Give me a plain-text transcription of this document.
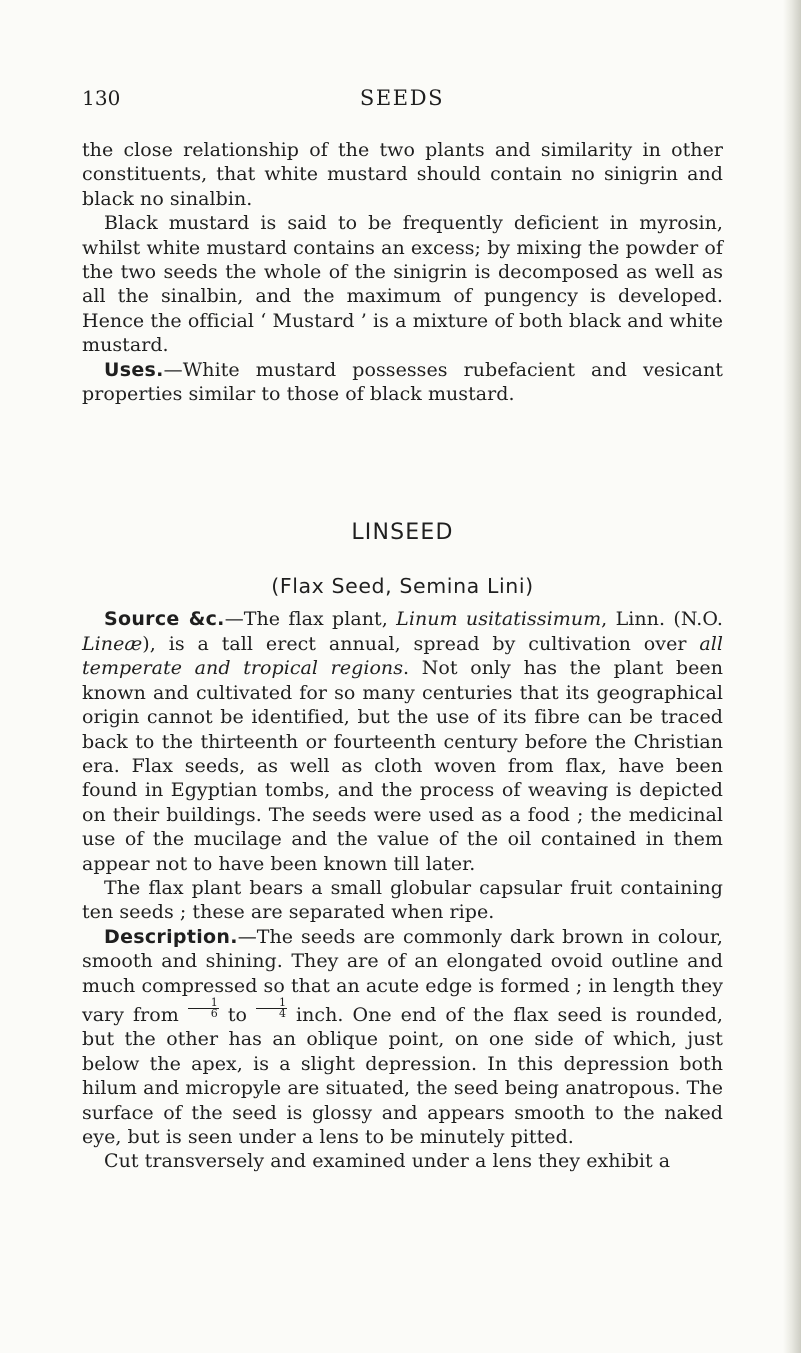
130	SEEDS

the close relationship of the two plants and similarity in other constituents, that white mustard should contain no sinigrin and black no sinalbin.

Black mustard is said to be frequently deficient in myrosin, whilst white mustard contains an excess; by mixing the powder of the two seeds the whole of the sinigrin is decomposed as well as all the sinalbin, and the maximum of pungency is developed. Hence the official ‘ Mustard ’ is a mixture of both black and white mustard.

Uses.—White mustard possesses rubefacient and vesicant properties similar to those of black mustard.

LINSEED
(Flax Seed, Semina Lini)

Source &c.—The flax plant, Linum usitatissimum, Linn. (N.O. Lineæ), is a tall erect annual, spread by cultivation over all temperate and tropical regions. Not only has the plant been known and cultivated for so many centuries that its geographical origin cannot be identified, but the use of its fibre can be traced back to the thirteenth or fourteenth century before the Christian era. Flax seeds, as well as cloth woven from flax, have been found in Egyptian tombs, and the process of weaving is depicted on their buildings. The seeds were used as a food ; the medicinal use of the mucilage and the value of the oil contained in them appear not to have been known till later.

The flax plant bears a small globular capsular fruit containing ten seeds ; these are separated when ripe.

Description.—The seeds are commonly dark brown in colour, smooth and shining. They are of an elongated ovoid outline and much compressed so that an acute edge is formed ; in length they vary from $\frac{1}{6}$ to $\frac{1}{4}$ inch. One end of the flax seed is rounded, but the other has an oblique point, on one side of which, just below the apex, is a slight depression. In this depression both hilum and micropyle are situated, the seed being anatropous. The surface of the seed is glossy and appears smooth to the naked eye, but is seen under a lens to be minutely pitted.

Cut transversely and examined under a lens they exhibit a
